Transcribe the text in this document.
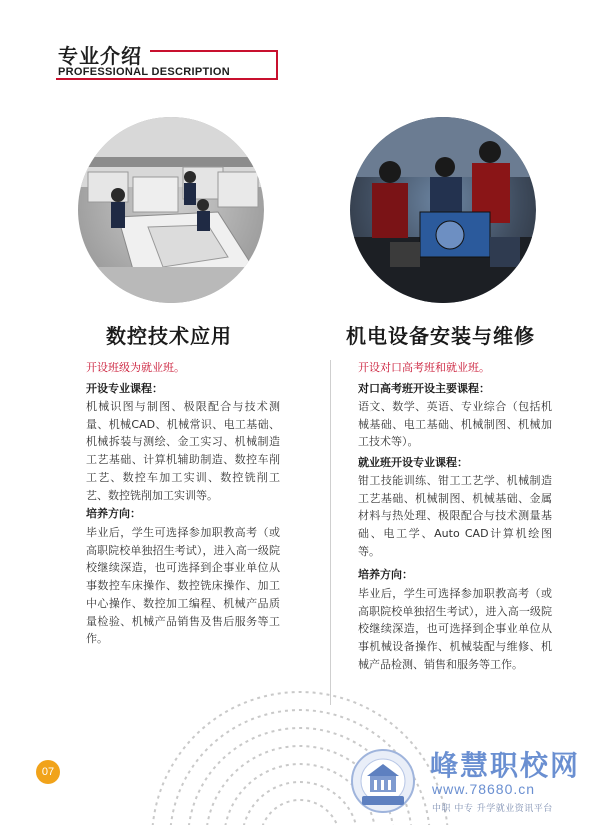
专业介绍
PROFESSIONAL DESCRIPTION
数控技术应用
开设班级为就业班。
开设专业课程：
机械识图与制图、极限配合与技术测量、机械CAD、机械常识、电工基础、机械拆装与测绘、金工实习、机械制造工艺基础、计算机辅助制造、数控车削工艺、数控车加工实训、数控铣削工艺、数控铣削加工实训等。
培养方向：
毕业后，学生可选择参加职教高考（或高职院校单独招生考试），进入高一级院校继续深造，也可选择到企事业单位从事数控车床操作、数控铣床操作、加工中心操作、数控加工编程、机械产品质量检验、机械产品销售及售后服务等工作。
机电设备安装与维修
开设对口高考班和就业班。
对口高考班开设主要课程：
语文、数学、英语、专业综合（包括机械基础、电工基础、机械制图、机械加工技术等）。
就业班开设专业课程：
钳工技能训练、钳工工艺学、机械制造工艺基础、机械制图、机械基础、金属材料与热处理、极限配合与技术测量基础、电工学、Auto CAD计算机绘图等。
培养方向：
毕业后，学生可选择参加职教高考（或高职院校单独招生考试），进入高一级院校继续深造，也可选择到企事业单位从事机械设备操作、机械装配与维修、机械产品检测、销售和服务等工作。
07	峰慧职校网
www.78680.cn
中职 中专 升学就业资讯平台
